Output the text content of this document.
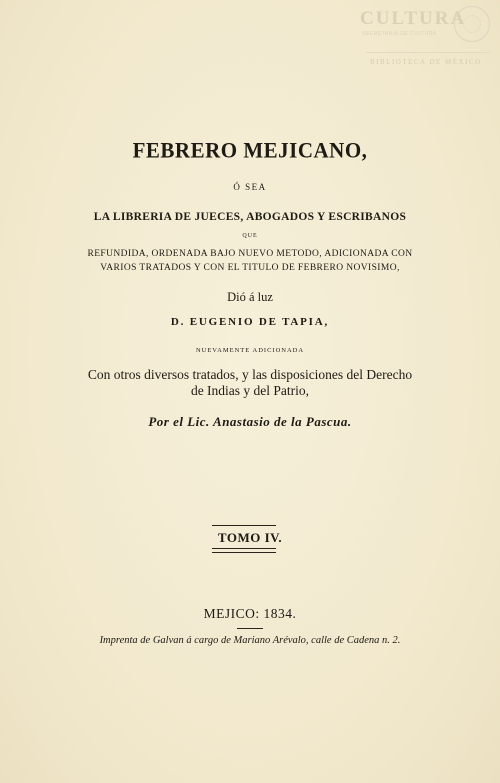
CULTURA
SECRETARÍA DE CULTURA
BIBLIOTECA DE MÉXICO
FEBRERO MEJICANO,
Ó SEA
LA LIBRERIA DE JUECES, ABOGADOS Y ESCRIBANOS
QUE
REFUNDIDA, ORDENADA BAJO NUEVO METODO, ADICIONADA CON
VARIOS TRATADOS Y CON EL TITULO DE FEBRERO NOVISIMO,
Dió á luz
D. EUGENIO DE TAPIA,
NUEVAMENTE ADICIONADA
Con otros diversos tratados, y las disposiciones del Derecho
de Indias y del Patrio,
Por el Lic. Anastasio de la Pascua.
TOMO IV.
MEJICO: 1834.
Imprenta de Galvan á cargo de Mariano Arévalo, calle de Cadena n. 2.
